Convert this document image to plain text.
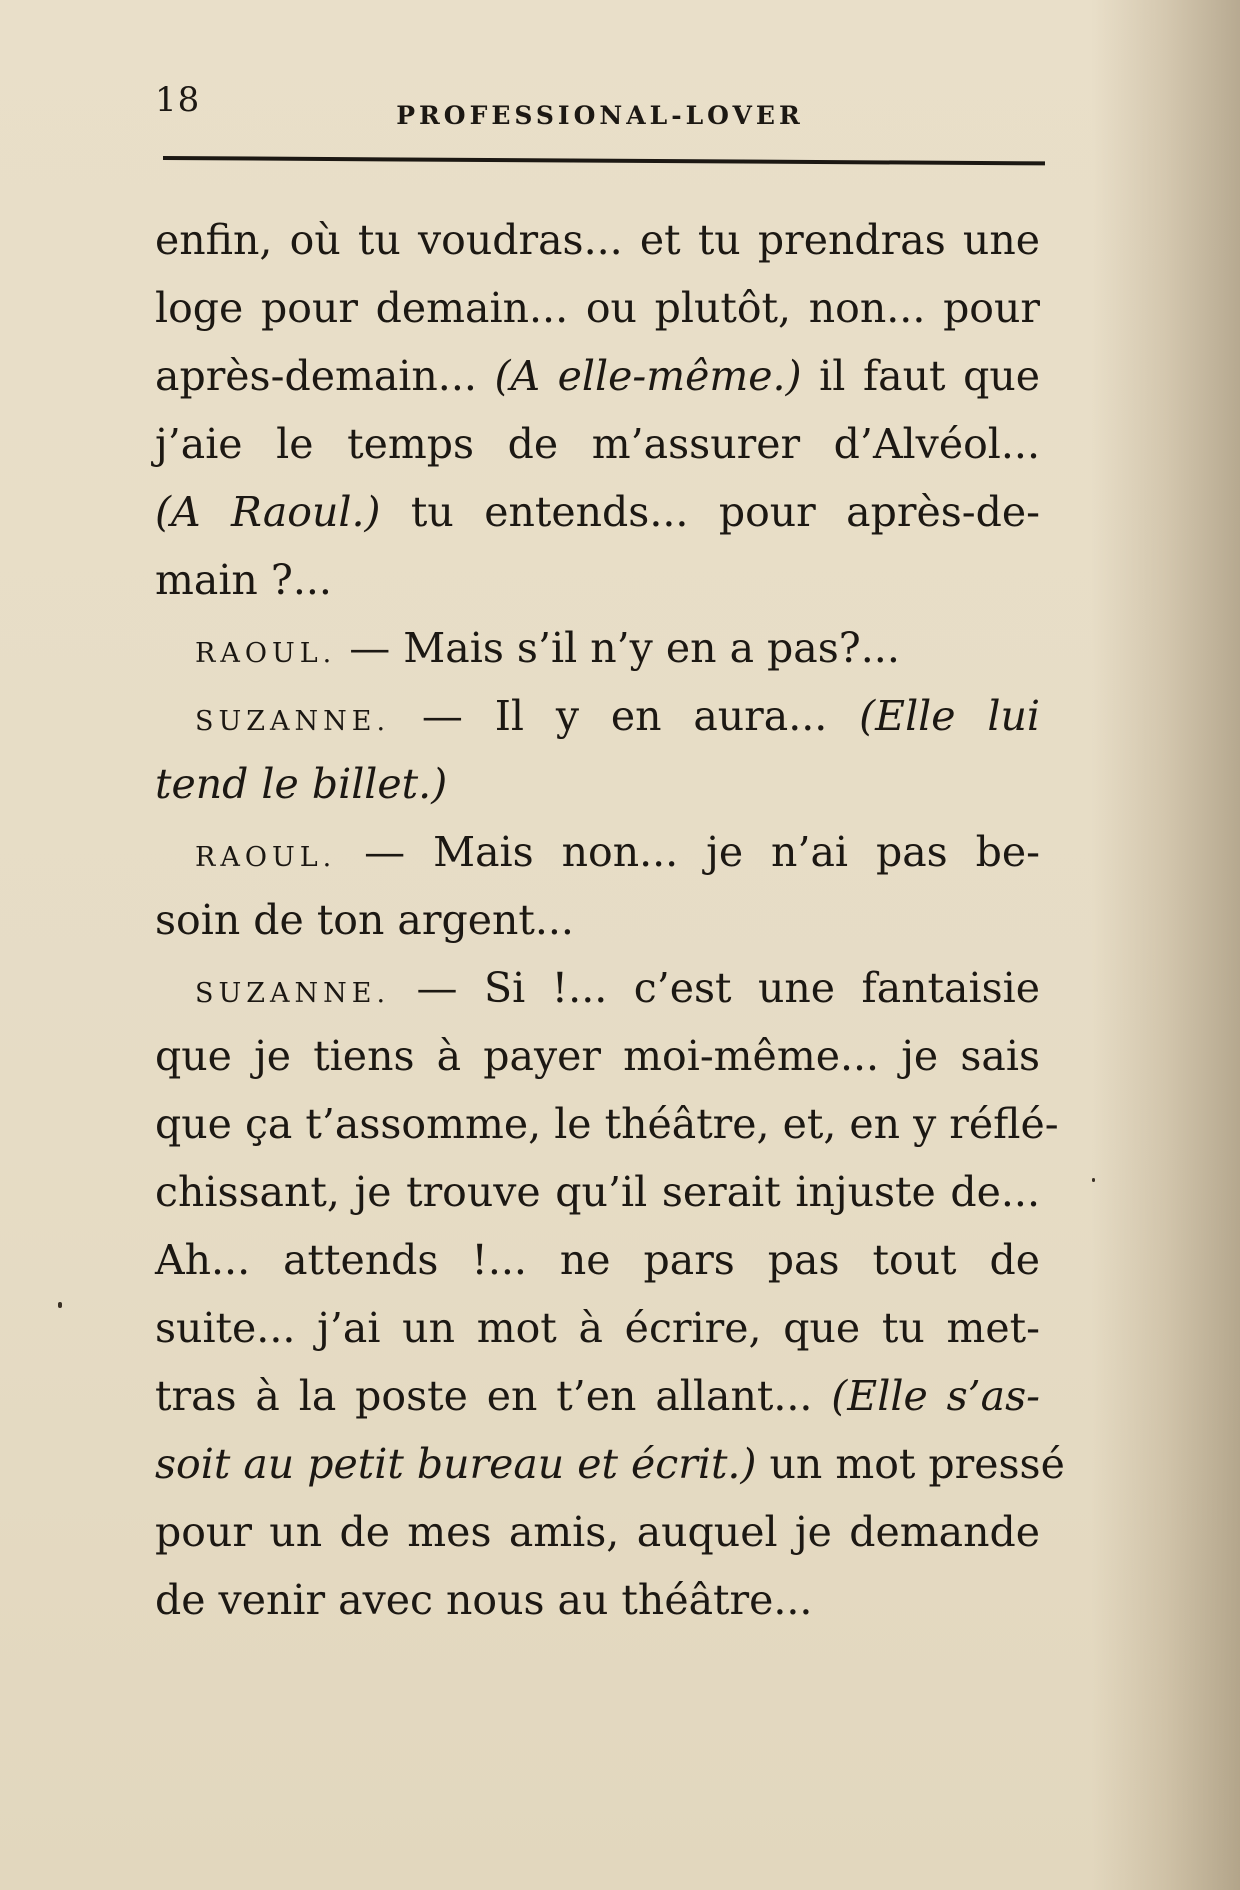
18	PROFESSIONAL-LOVER
enfin, où tu voudras... et tu prendras une
loge pour demain... ou plutôt, non... pour
après-demain... (A elle-même.) il faut que
j’aie le temps de m’assurer d’Alvéol...
(A Raoul.) tu entends... pour après-de-
main ?...
RAOUL. — Mais s’il n’y en a pas?...
SUZANNE. — Il y en aura... (Elle lui
tend le billet.)
RAOUL. — Mais non... je n’ai pas be-
soin de ton argent...
SUZANNE. — Si !... c’est une fantaisie
que je tiens à payer moi-même... je sais
que ça t’assomme, le théâtre, et, en y réflé-
chissant, je trouve qu’il serait injuste de...
Ah... attends !... ne pars pas tout de
suite... j’ai un mot à écrire, que tu met-
tras à la poste en t’en allant... (Elle s’as-
soit au petit bureau et écrit.) un mot pressé
pour un de mes amis, auquel je demande
de venir avec nous au théâtre...
